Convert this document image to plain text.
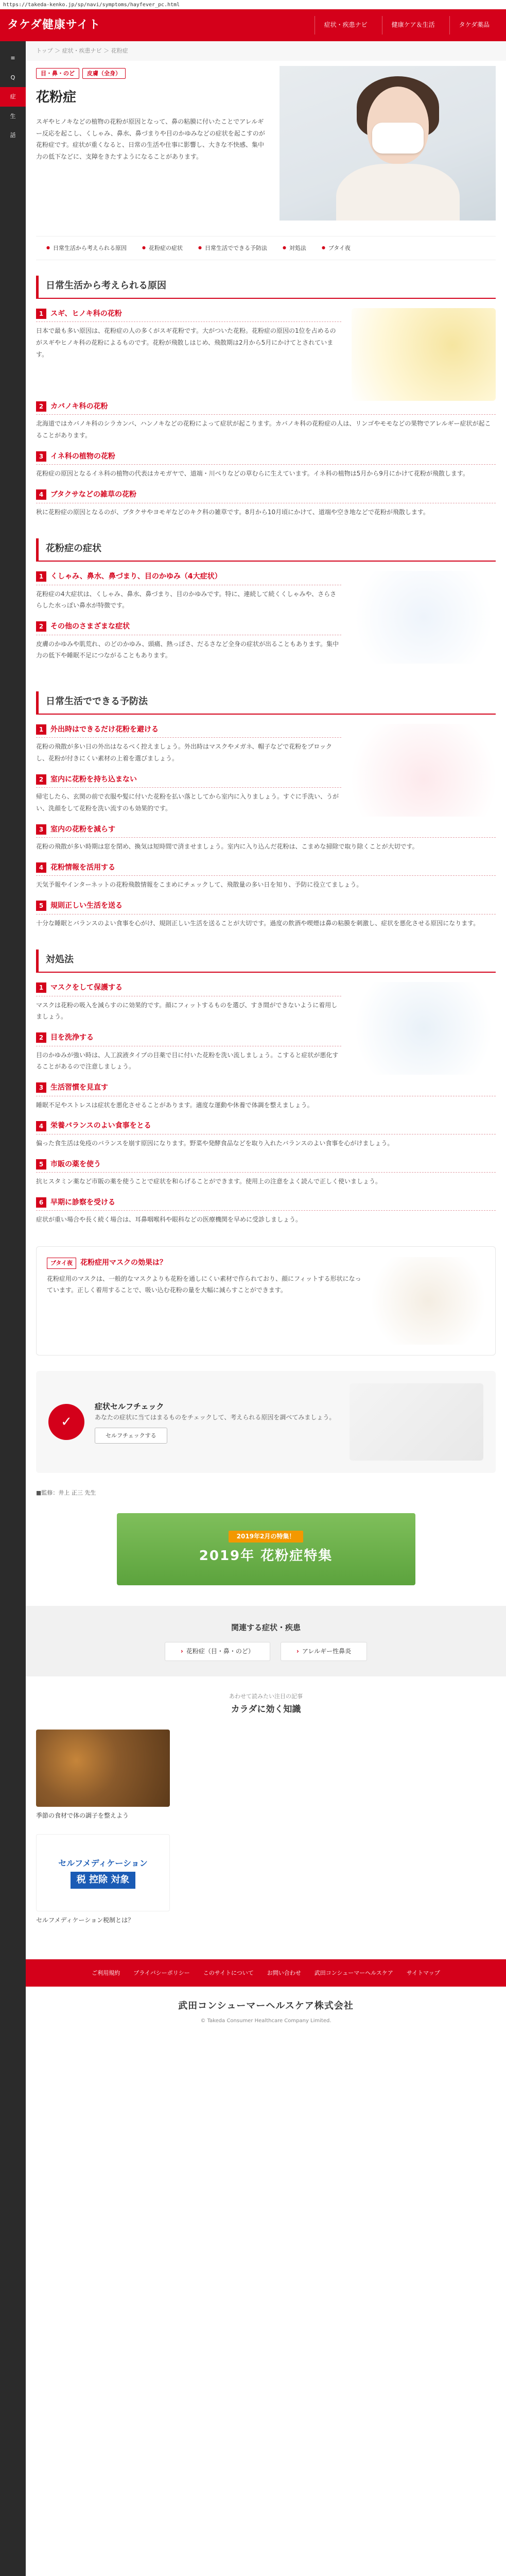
https://takeda-kenko.jp/sp/navi/symptoms/hayfever_pc.html
タケダ健康サイト	症状・疾患ナビ	健康ケア＆生活	タケダ薬品
≡
Q
症
生
話
トップ ＞ 症状・疾患ナビ ＞ 花粉症
目・鼻・のど	皮膚（全身）
花粉症

スギやヒノキなどの植物の花粉が原因となって、鼻の粘膜に付いたことでアレルギー反応を起こし、くしゃみ、鼻水、鼻づまりや目のかゆみなどの症状を起こすのが花粉症です。症状が重くなると、日常の生活や仕事に影響し、大きな不快感、集中力の低下などに、支障をきたすようになることがあります。

● 日常生活から考えられる原因	● 花粉症の症状	● 日常生活でできる予防法	● 対処法	● ブタイ夜
日常生活から考えられる原因
1 スギ、ヒノキ科の花粉

日本で最も多い原因は、花粉症の人の多くがスギ花粉です。大がついた花粉。花粉症の原因の1位を占めるのがスギやヒノキ科の花粉によるものです。花粉が飛散しはじめ、飛散期は2月から5月にかけてとされています。

2 カバノキ科の花粉

北海道ではカバノキ科のシラカンバ、ハンノキなどの花粉によって症状が起こります。カバノキ科の花粉症の人は、リンゴやモモなどの果物でアレルギー症状が起こることがあります。

3 イネ科の植物の花粉

花粉症の原因となるイネ科の植物の代表はカモガヤで、道端・川べりなどの草むらに生えています。イネ科の植物は5月から9月にかけて花粉が飛散します。

4 ブタクサなどの雑草の花粉

秋に花粉症の原因となるのが、ブタクサやヨモギなどのキク科の雑草です。8月から10月頃にかけて、道端や空き地などで花粉が飛散します。

花粉症の症状
1 くしゃみ、鼻水、鼻づまり、目のかゆみ（4大症状）

花粉症の4大症状は、くしゃみ、鼻水、鼻づまり、目のかゆみです。特に、連続して続くくしゃみや、さらさらした水っぽい鼻水が特徴です。

2 その他のさまざまな症状

皮膚のかゆみや肌荒れ、のどのかゆみ、頭痛、熱っぽさ、だるさなど全身の症状が出ることもあります。集中力の低下や睡眠不足につながることもあります。

日常生活でできる予防法
1 外出時はできるだけ花粉を避ける

花粉の飛散が多い日の外出はなるべく控えましょう。外出時はマスクやメガネ、帽子などで花粉をブロックし、花粉が付きにくい素材の上着を選びましょう。

2 室内に花粉を持ち込まない

帰宅したら、玄関の前で衣服や髪に付いた花粉を払い落としてから室内に入りましょう。すぐに手洗い、うがい、洗顔をして花粉を洗い流すのも効果的です。

3 室内の花粉を減らす

花粉の飛散が多い時期は窓を閉め、換気は短時間で済ませましょう。室内に入り込んだ花粉は、こまめな掃除で取り除くことが大切です。

4 花粉情報を活用する

天気予報やインターネットの花粉飛散情報をこまめにチェックして、飛散量の多い日を知り、予防に役立てましょう。

5 規則正しい生活を送る

十分な睡眠とバランスのよい食事を心がけ、規則正しい生活を送ることが大切です。過度の飲酒や喫煙は鼻の粘膜を刺激し、症状を悪化させる原因になります。

対処法
1 マスクをして保護する

マスクは花粉の吸入を減らすのに効果的です。顔にフィットするものを選び、すき間ができないように着用しましょう。

2 目を洗浄する

目のかゆみが強い時は、人工涙液タイプの目薬で目に付いた花粉を洗い流しましょう。こすると症状が悪化することがあるので注意しましょう。

3 生活習慣を見直す

睡眠不足やストレスは症状を悪化させることがあります。適度な運動や休養で体調を整えましょう。

4 栄養バランスのよい食事をとる

偏った食生活は免疫のバランスを崩す原因になります。野菜や発酵食品などを取り入れたバランスのよい食事を心がけましょう。

5 市販の薬を使う

抗ヒスタミン薬など市販の薬を使うことで症状を和らげることができます。使用上の注意をよく読んで正しく使いましょう。

6 早期に診察を受ける

症状が重い場合や長く続く場合は、耳鼻咽喉科や眼科などの医療機関を早めに受診しましょう。

ブタイ夜 花粉症用マスクの効果は？

花粉症用のマスクは、一般的なマスクよりも花粉を通しにくい素材で作られており、顔にフィットする形状になっています。正しく着用することで、吸い込む花粉の量を大幅に減らすことができます。

✓
症状セルフチェック

あなたの症状に当てはまるものをチェックして、考えられる原因を調べてみましょう。

セルフチェックする
■監修：井上 正三 先生
2019年2月の特集！
2019年 花粉症特集
関連する症状・疾患
› 花粉症（目・鼻・のど）	› アレルギー性鼻炎
あわせて読みたい注目の記事
カラダに効く知識

季節の食材で体の調子を整えよう

セルフメディケーション
税 控除 対象

セルフメディケーション税制とは？

ご利用規約 プライバシーポリシー このサイトについて お問い合わせ 武田コンシューマーヘルスケア サイトマップ
武田コンシューマーヘルスケア株式会社
© Takeda Consumer Healthcare Company Limited.
